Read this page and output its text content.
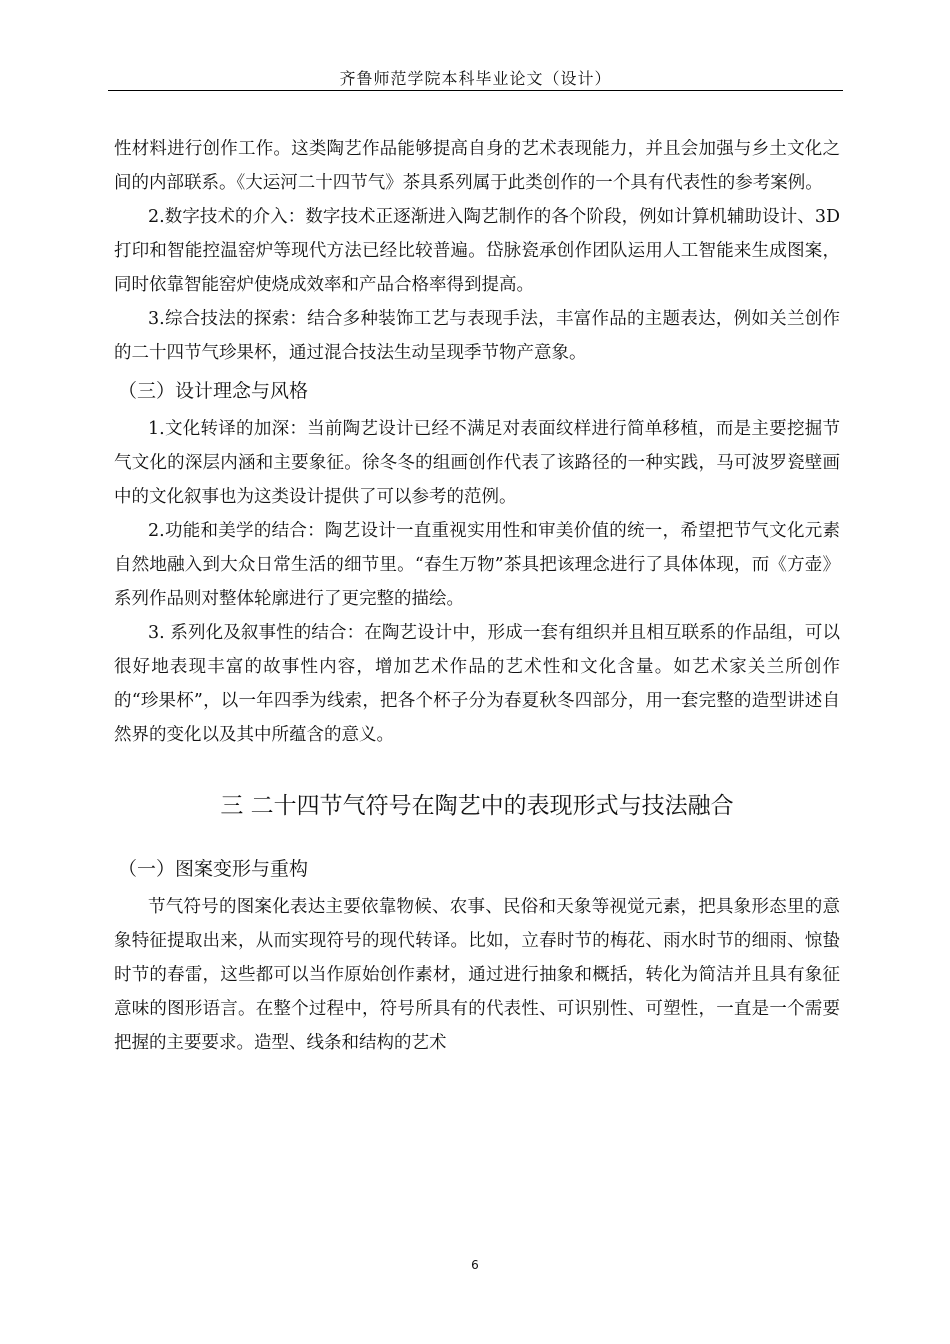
齐鲁师范学院本科毕业论文（设计）

性材料进行创作工作。这类陶艺作品能够提高自身的艺术表现能力，并且会加强与乡土文化之间的内部联系。《大运河二十四节气》茶具系列属于此类创作的一个具有代表性的参考案例。

2.数字技术的介入：数字技术正逐渐进入陶艺制作的各个阶段，例如计算机辅助设计、3D打印和智能控温窑炉等现代方法已经比较普遍。岱脉瓷承创作团队运用人工智能来生成图案，同时依靠智能窑炉使烧成效率和产品合格率得到提高。

3.综合技法的探索：结合多种装饰工艺与表现手法，丰富作品的主题表达，例如关兰创作的二十四节气珍果杯，通过混合技法生动呈现季节物产意象。

（三）设计理念与风格

1.文化转译的加深：当前陶艺设计已经不满足对表面纹样进行简单移植，而是主要挖掘节气文化的深层内涵和主要象征。徐冬冬的组画创作代表了该路径的一种实践，马可波罗瓷壁画中的文化叙事也为这类设计提供了可以参考的范例。

2.功能和美学的结合：陶艺设计一直重视实用性和审美价值的统一，希望把节气文化元素自然地融入到大众日常生活的细节里。“春生万物”茶具把该理念进行了具体体现，而《方壶》系列作品则对整体轮廓进行了更完整的描绘。

3. 系列化及叙事性的结合：在陶艺设计中，形成一套有组织并且相互联系的作品组，可以很好地表现丰富的故事性内容，增加艺术作品的艺术性和文化含量。如艺术家关兰所创作的“珍果杯”，以一年四季为线索，把各个杯子分为春夏秋冬四部分，用一套完整的造型讲述自然界的变化以及其中所蕴含的意义。

三 二十四节气符号在陶艺中的表现形式与技法融合
（一）图案变形与重构

节气符号的图案化表达主要依靠物候、农事、民俗和天象等视觉元素，把具象形态里的意象特征提取出来，从而实现符号的现代转译。比如，立春时节的梅花、雨水时节的细雨、惊蛰时节的春雷，这些都可以当作原始创作素材，通过进行抽象和概括，转化为简洁并且具有象征意味的图形语言。在整个过程中，符号所具有的代表性、可识别性、可塑性，一直是一个需要把握的主要要求。造型、线条和结构的艺术

6
